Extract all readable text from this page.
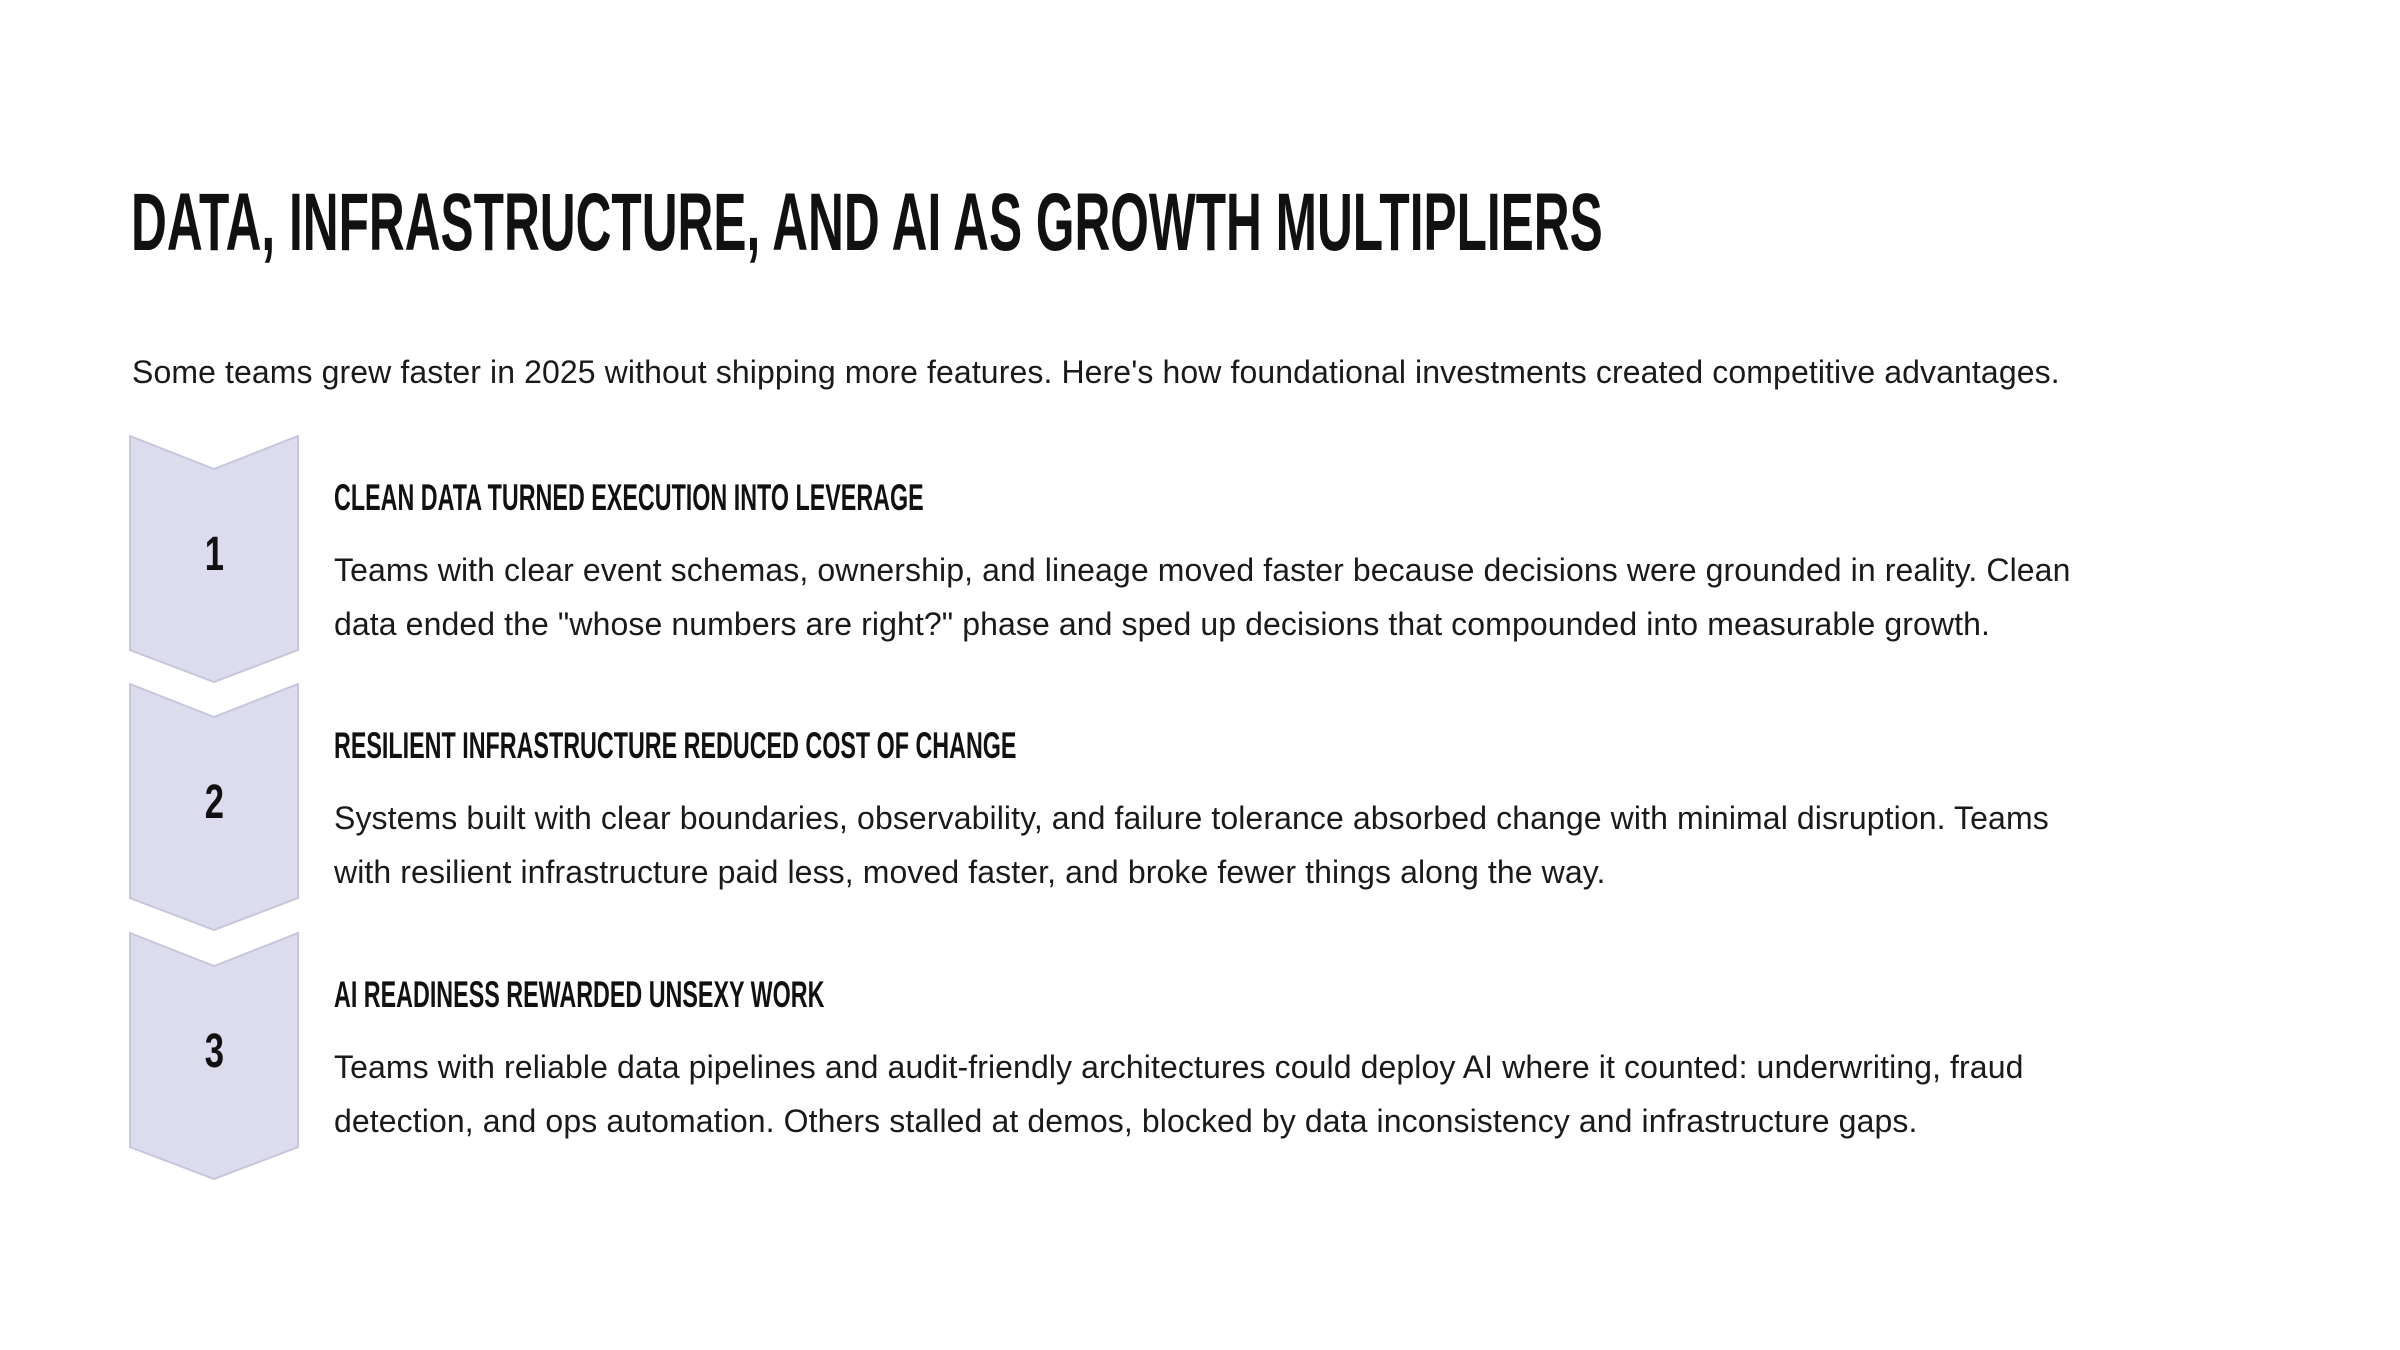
DATA, INFRASTRUCTURE, AND AI AS GROWTH MULTIPLIERS
Some teams grew faster in 2025 without shipping more features. Here's how foundational investments created competitive advantages.
1
CLEAN DATA TURNED EXECUTION INTO LEVERAGE
Teams with clear event schemas, ownership, and lineage moved faster because decisions were grounded in reality. Clean
data ended the "whose numbers are right?" phase and sped up decisions that compounded into measurable growth.
2
RESILIENT INFRASTRUCTURE REDUCED COST OF CHANGE
Systems built with clear boundaries, observability, and failure tolerance absorbed change with minimal disruption. Teams
with resilient infrastructure paid less, moved faster, and broke fewer things along the way.
3
AI READINESS REWARDED UNSEXY WORK
Teams with reliable data pipelines and audit-friendly architectures could deploy AI where it counted: underwriting, fraud
detection, and ops automation. Others stalled at demos, blocked by data inconsistency and infrastructure gaps.
